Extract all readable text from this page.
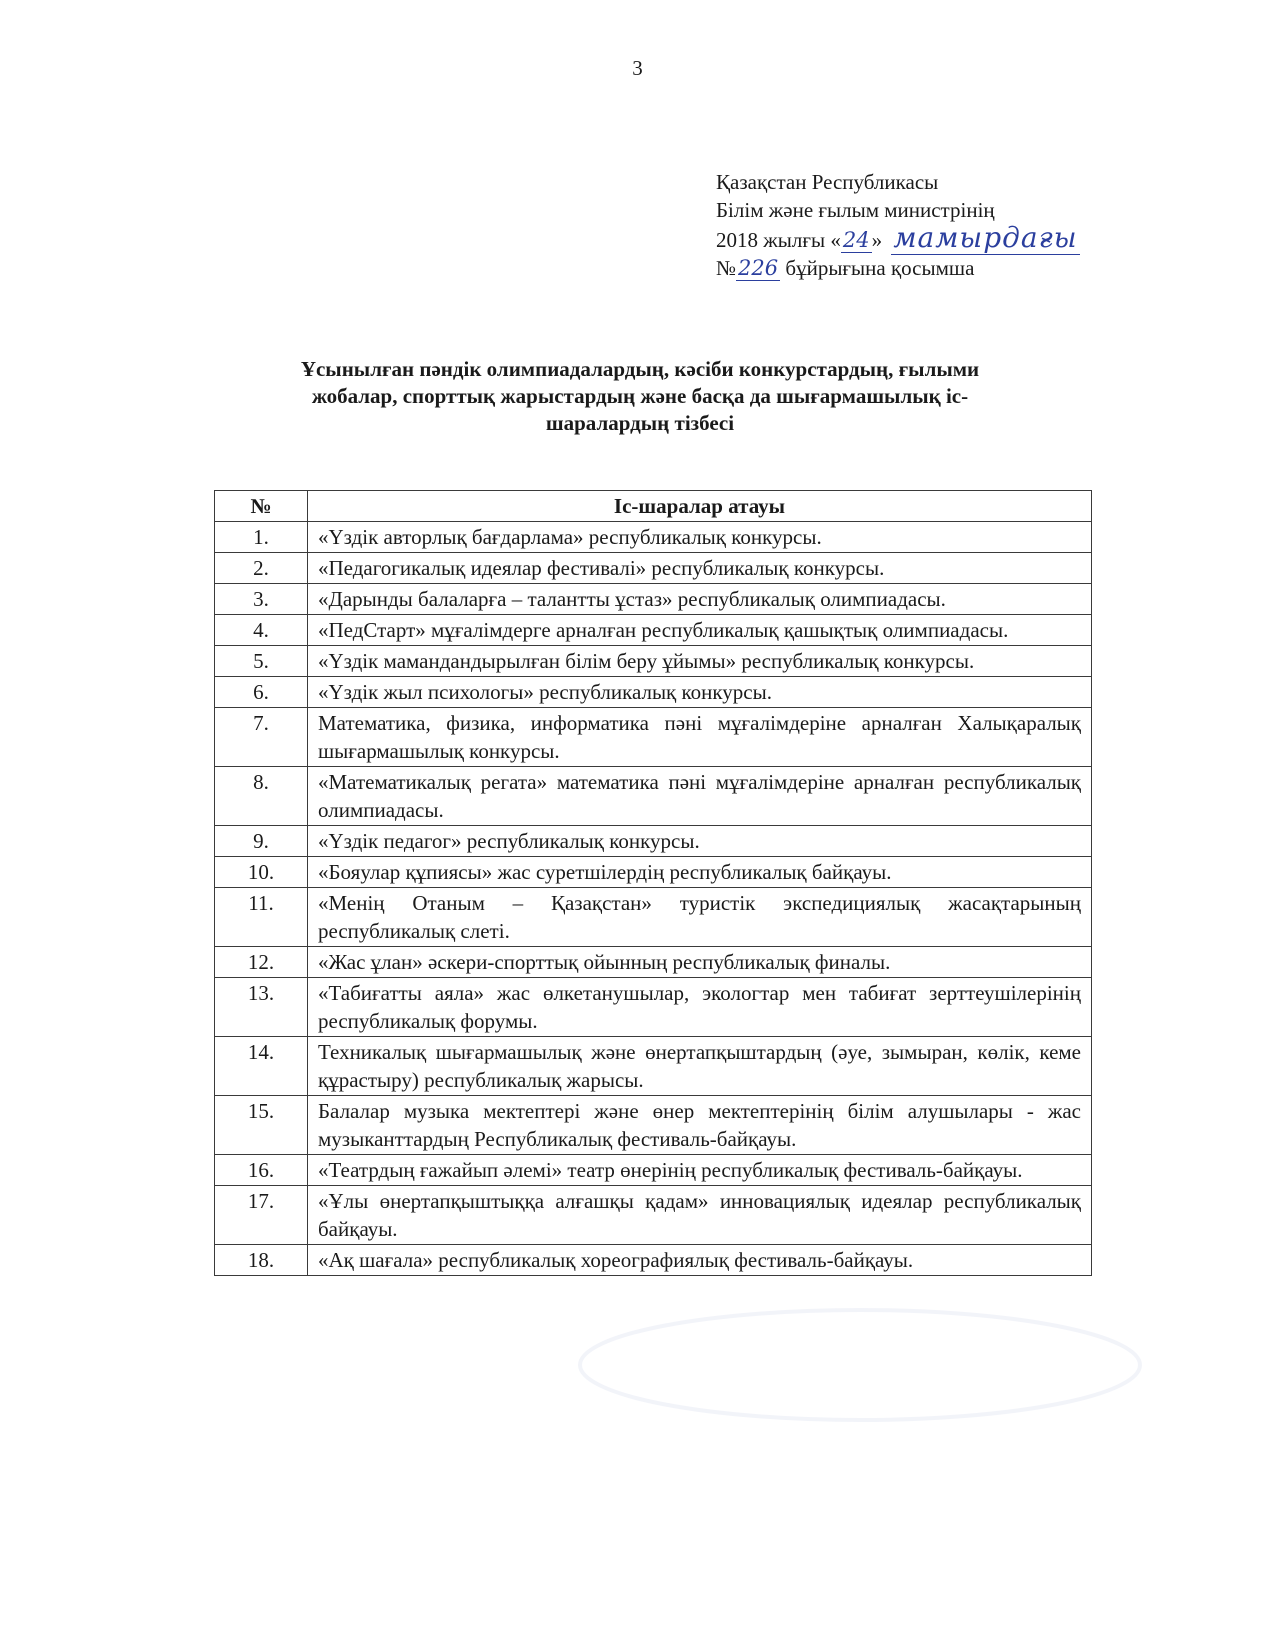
3
Қазақстан Республикасы
Білім және ғылым министрінің
2018 жылғы «24» мамырдағы
№226 бұйрығына қосымша
Ұсынылған пәндік олимпиадалардың, кәсіби конкурстардың, ғылыми
жобалар, спорттық жарыстардың және басқа да шығармашылық іс-
шаралардың тізбесі
№	Іс-шаралар атауы
1.	«Үздік авторлық бағдарлама» республикалық конкурсы.
2.	«Педагогикалық идеялар фестивалі» республикалық конкурсы.
3.	«Дарынды балаларға – талантты ұстаз» республикалық олимпиадасы.
4.	«ПедСтарт» мұғалімдерге арналған республикалық қашықтық олимпиадасы.
5.	«Үздік мамандандырылған білім беру ұйымы» республикалық конкурсы.
6.	«Үздік жыл психологы» республикалық конкурсы.
7.	Математика, физика, информатика пәні мұғалімдеріне арналған Халықаралық шығармашылық конкурсы.
8.	«Математикалық регата» математика пәні мұғалімдеріне арналған республикалық олимпиадасы.
9.	«Үздік педагог» республикалық конкурсы.
10.	«Бояулар құпиясы» жас суретшілердің республикалық байқауы.
11.	«Менің Отаным – Қазақстан» туристік экспедициялық жасақтарының республикалық слеті.
12.	«Жас ұлан» әскери-спорттық ойынның республикалық финалы.
13.	«Табиғатты аяла» жас өлкетанушылар, экологтар мен табиғат зерттеушілерінің республикалық форумы.
14.	Техникалық шығармашылық және өнертапқыштардың (әуе, зымыран, көлік, кеме құрастыру) республикалық жарысы.
15.	Балалар музыка мектептері және өнер мектептерінің білім алушылары - жас музыканттардың Республикалық фестиваль-байқауы.
16.	«Театрдың ғажайып әлемі» театр өнерінің республикалық фестиваль-байқауы.
17.	«Ұлы өнертапқыштыққа алғашқы қадам» инновациялық идеялар республикалық байқауы.
18.	«Ақ шағала» республикалық хореографиялық фестиваль-байқауы.
